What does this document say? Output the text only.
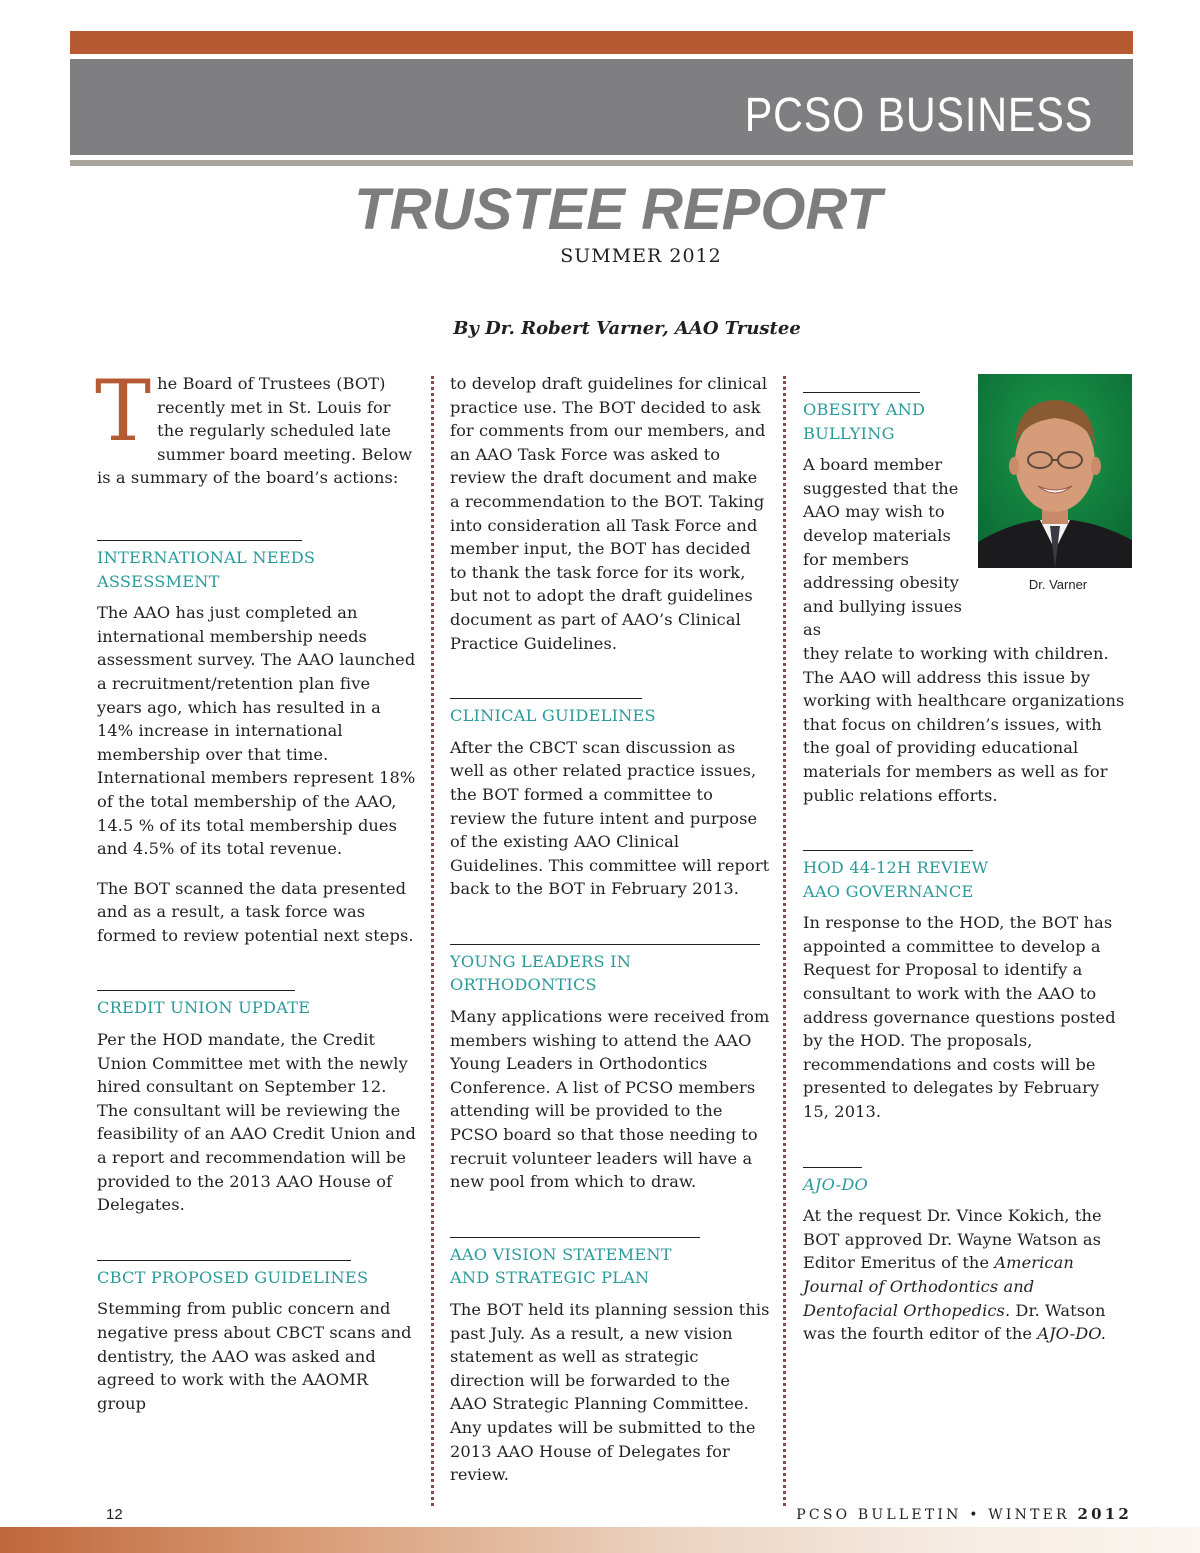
PCSO BUSINESS
TRUSTEE REPORT
SUMMER 2012
By Dr. Robert Varner, AAO Trustee

The Board of Trustees (BOT) recently met in St. Louis for the regularly scheduled late summer board meeting. Below is a summary of the board’s actions:

INTERNATIONAL NEEDS ASSESSMENT

The AAO has just completed an international membership needs assessment survey. The AAO launched a recruitment/retention plan five years ago, which has resulted in a 14% increase in international membership over that time. International members represent 18% of the total membership of the AAO, 14.5 % of its total membership dues and 4.5% of its total revenue.

The BOT scanned the data presented and as a result, a task force was formed to review potential next steps.

CREDIT UNION UPDATE

Per the HOD mandate, the Credit Union Committee met with the newly hired consultant on September 12. The consultant will be reviewing the feasibility of an AAO Credit Union and a report and recommendation will be provided to the 2013 AAO House of Delegates.

CBCT PROPOSED GUIDELINES

Stemming from public concern and negative press about CBCT scans and dentistry, the AAO was asked and agreed to work with the AAOMR group

to develop draft guidelines for clinical practice use. The BOT decided to ask for comments from our members, and an AAO Task Force was asked to review the draft document and make a recommendation to the BOT. Taking into consideration all Task Force and member input, the BOT has decided to thank the task force for its work, but not to adopt the draft guidelines document as part of AAO’s Clinical Practice Guidelines.

CLINICAL GUIDELINES

After the CBCT scan discussion as well as other related practice issues, the BOT formed a committee to review the future intent and purpose of the existing AAO Clinical Guidelines. This committee will report back to the BOT in February 2013.

YOUNG LEADERS IN ORTHODONTICS

Many applications were received from members wishing to attend the AAO Young Leaders in Orthodontics Conference. A list of PCSO members attending will be provided to the PCSO board so that those needing to recruit volunteer leaders will have a new pool from which to draw.

AAO VISION STATEMENT AND STRATEGIC PLAN

The BOT held its planning session this past July. As a result, a new vision statement as well as strategic direction will be forwarded to the AAO Strategic Planning Committee. Any updates will be submitted to the 2013 AAO House of Delegates for review.

Dr. Varner
OBESITY AND BULLYING

A board member suggested that the AAO may wish to develop materials for members addressing obesity and bullying issues as

they relate to working with children. The AAO will address this issue by working with healthcare organizations that focus on children’s issues, with the goal of providing educational materials for members as well as for public relations efforts.

HOD 44-12H REVIEW AAO GOVERNANCE

In response to the HOD, the BOT has appointed a committee to develop a Request for Proposal to identify a consultant to work with the AAO to address governance questions posted by the HOD. The proposals, recommendations and costs will be presented to delegates by February 15, 2013.

AJO-DO

At the request Dr. Vince Kokich, the BOT approved Dr. Wayne Watson as Editor Emeritus of the American Journal of Orthodontics and Dentofacial Orthopedics. Dr. Watson was the fourth editor of the AJO-DO.

12	PCSO BULLETIN • WINTER 2012
